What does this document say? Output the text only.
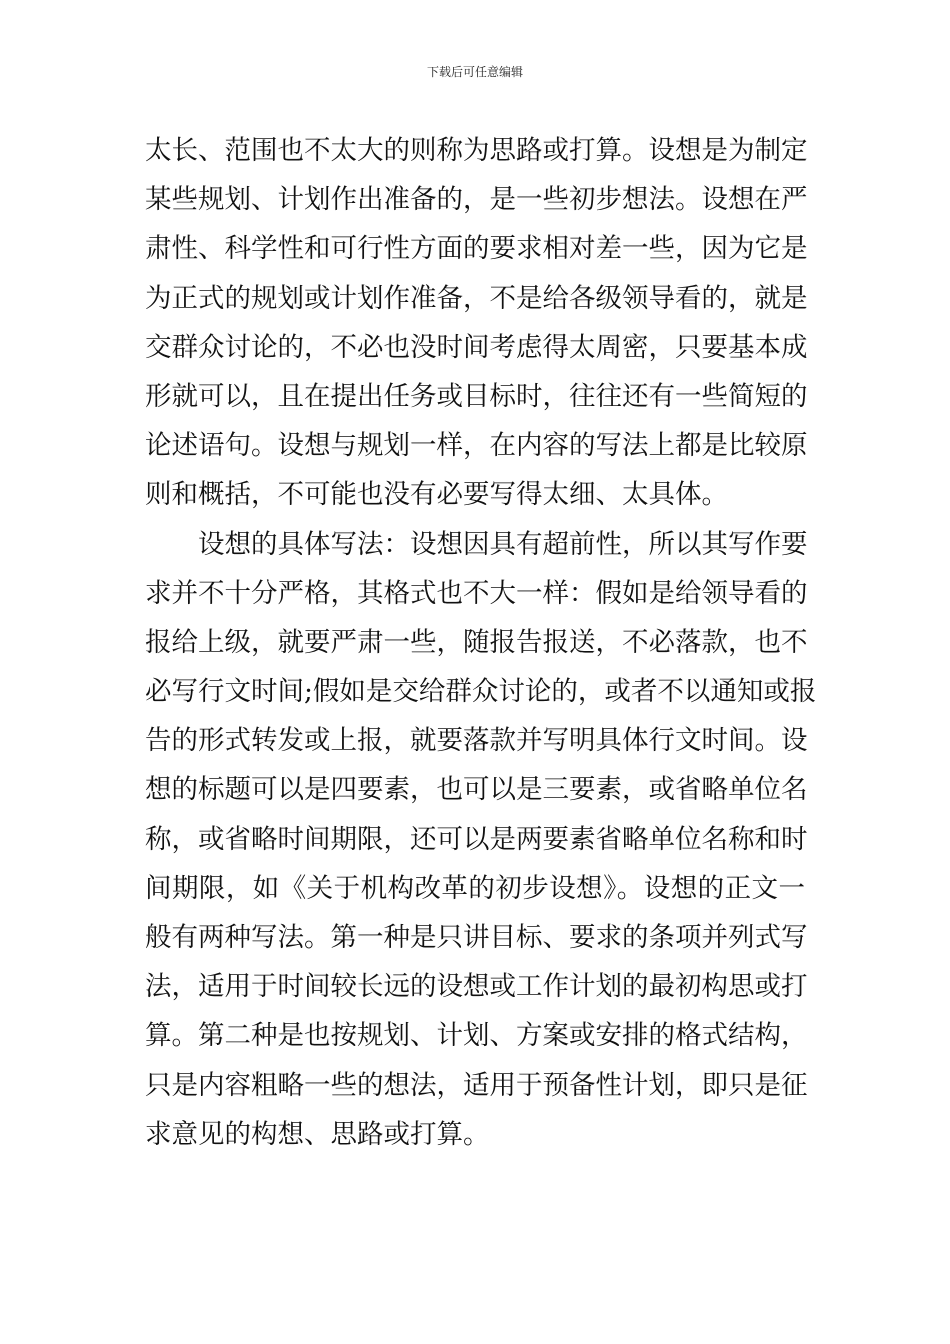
下载后可任意编辑
太长、范围也不太大的则称为思路或打算。设想是为制定
某些规划、计划作出准备的，是一些初步想法。设想在严
肃性、科学性和可行性方面的要求相对差一些，因为它是
为正式的规划或计划作准备，不是给各级领导看的，就是
交群众讨论的，不必也没时间考虑得太周密，只要基本成
形就可以，且在提出任务或目标时，往往还有一些简短的
论述语句。设想与规划一样，在内容的写法上都是比较原
则和概括，不可能也没有必要写得太细、太具体。
　　设想的具体写法：设想因具有超前性，所以其写作要
求并不十分严格，其格式也不大一样：假如是给领导看的
报给上级，就要严肃一些，随报告报送，不必落款，也不
必写行文时间;假如是交给群众讨论的，或者不以通知或报
告的形式转发或上报，就要落款并写明具体行文时间。设
想的标题可以是四要素，也可以是三要素，或省略单位名
称，或省略时间期限，还可以是两要素省略单位名称和时
间期限，如《关于机构改革的初步设想》。设想的正文一
般有两种写法。第一种是只讲目标、要求的条项并列式写
法，适用于时间较长远的设想或工作计划的最初构思或打
算。第二种是也按规划、计划、方案或安排的格式结构，
只是内容粗略一些的想法，适用于预备性计划，即只是征
求意见的构想、思路或打算。
